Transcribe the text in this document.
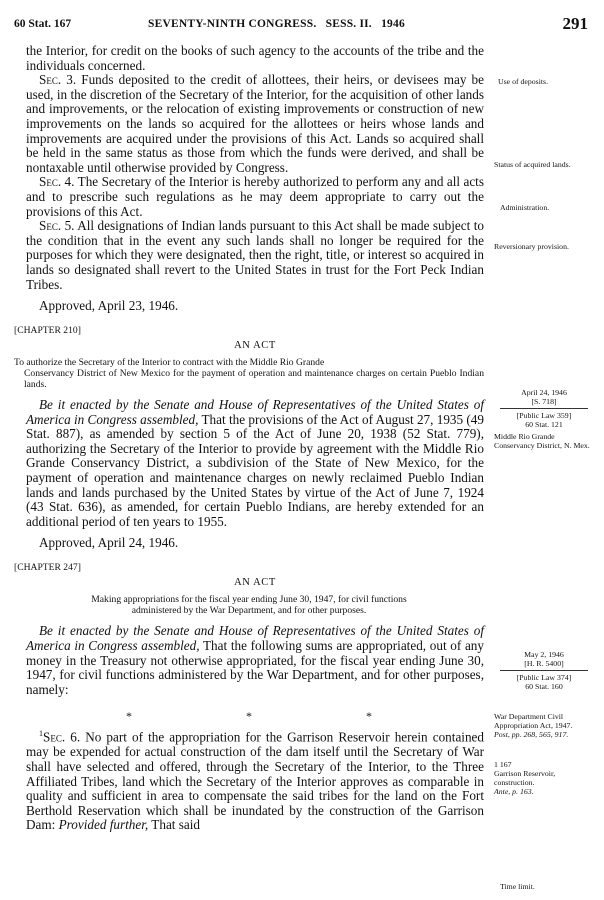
60 Stat. 167	SEVENTY-NINTH CONGRESS.   SESS. II.   1946	291

the Interior, for credit on the books of such agency to the accounts of the tribe and the individuals concerned.

Sec. 3. Funds deposited to the credit of allottees, their heirs, or devisees may be used, in the discretion of the Secretary of the Interior, for the acquisition of other lands and improvements, or the relocation of existing improvements or construction of new improvements on the lands so acquired for the allottees or heirs whose lands and improvements are acquired under the provisions of this Act. Lands so acquired shall be held in the same status as those from which the funds were derived, and shall be nontaxable until otherwise provided by Congress.

Sec. 4. The Secretary of the Interior is hereby authorized to perform any and all acts and to prescribe such regulations as he may deem appropriate to carry out the provisions of this Act.

Sec. 5. All designations of Indian lands pursuant to this Act shall be made subject to the condition that in the event any such lands shall no longer be required for the purposes for which they were designated, then the right, title, or interest so acquired in lands so designated shall revert to the United States in trust for the Fort Peck Indian Tribes.

Approved, April 23, 1946.

[CHAPTER 210]

AN ACT

To authorize the Secretary of the Interior to contract with the Middle Rio Grande
Conservancy District of New Mexico for the payment of operation and maintenance charges on certain Pueblo Indian lands.

Be it enacted by the Senate and House of Representatives of the United States of America in Congress assembled, That the provisions of the Act of August 27, 1935 (49 Stat. 887), as amended by section 5 of the Act of June 20, 1938 (52 Stat. 779), authorizing the Secretary of the Interior to provide by agreement with the Middle Rio Grande Conservancy District, a subdivision of the State of New Mexico, for the payment of operation and maintenance charges on newly reclaimed Pueblo Indian lands and lands purchased by the United States by virtue of the Act of June 7, 1924 (43 Stat. 636), as amended, for certain Pueblo Indians, are hereby extended for an additional period of ten years to 1955.

Approved, April 24, 1946.

[CHAPTER 247]

AN ACT

Making appropriations for the fiscal year ending June 30, 1947, for civil functions
administered by the War Department, and for other purposes.

Be it enacted by the Senate and House of Representatives of the United States of America in Congress assembled, That the following sums are appropriated, out of any money in the Treasury not otherwise appropriated, for the fiscal year ending June 30, 1947, for civil functions administered by the War Department, and for other purposes, namely:

*	*	*

$^1$Sec. 6. No part of the appropriation for the Garrison Reservoir herein contained may be expended for actual construction of the dam itself until the Secretary of War shall have selected and offered, through the Secretary of the Interior, to the Three Affiliated Tribes, land which the Secretary of the Interior approves as comparable in quality and sufficient in area to compensate the said tribes for the land on the Fort Berthold Reservation which shall be inundated by the construction of the Garrison Dam: Provided further, That said

Use of deposits.
Status of acquired lands.
Administration.
Reversionary provision.
April 24, 1946
[S. 718]
[Public Law 359]
60 Stat. 121
Middle Rio Grande Conservancy District, N. Mex.
May 2, 1946
[H. R. 5400]
[Public Law 374]
60 Stat. 160
War Department Civil Appropriation Act, 1947.
Post, pp. 268, 565, 917.
1 167
Garrison Reservoir, construction.
Ante, p. 163.
Time limit.
